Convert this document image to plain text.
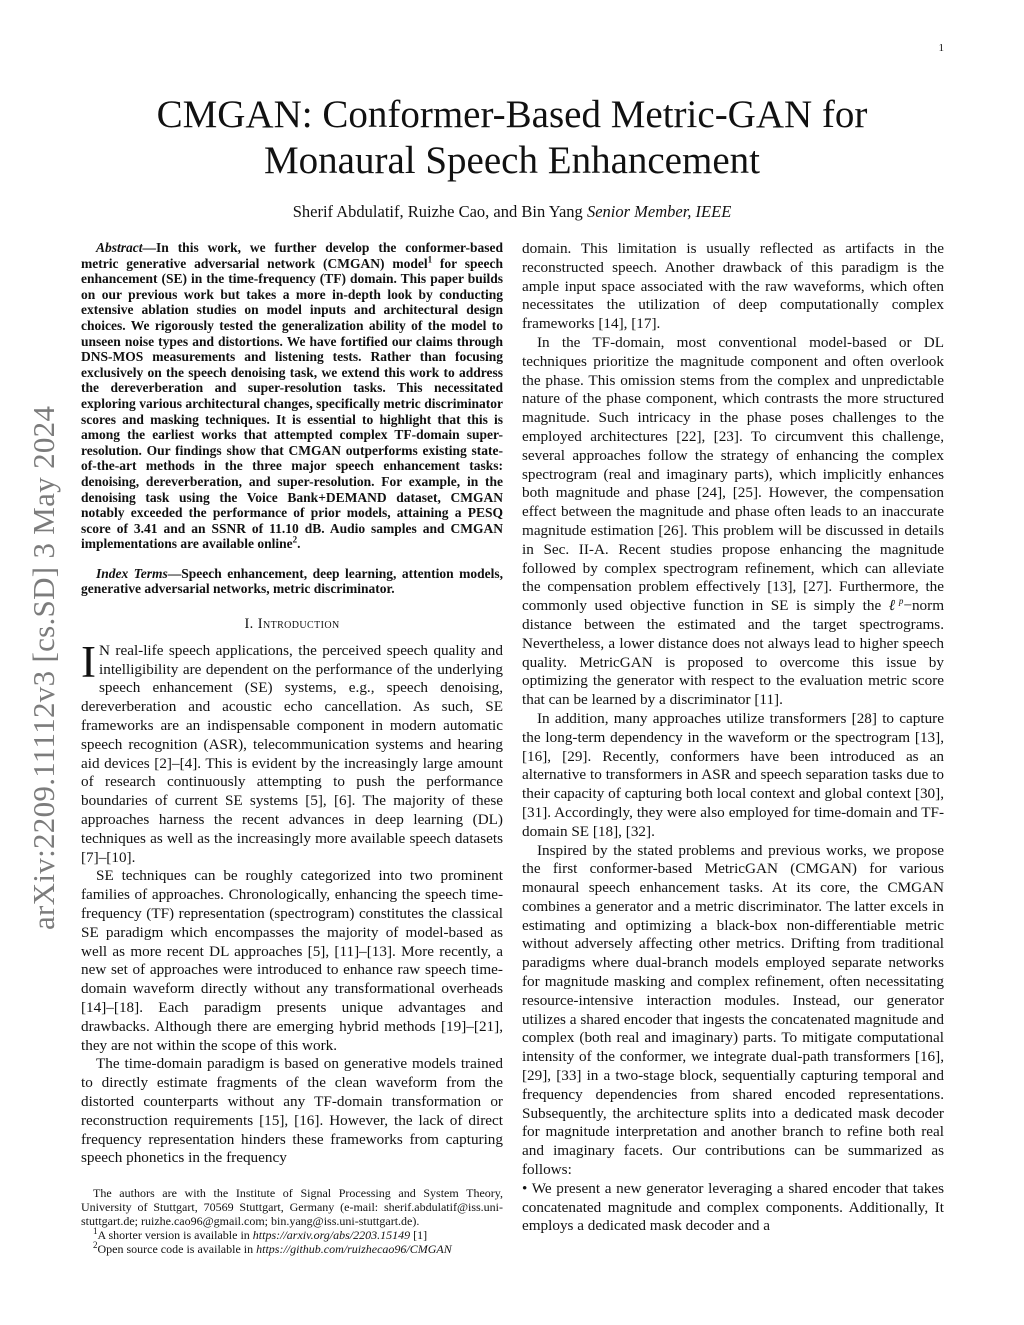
1
arXiv:2209.11112v3 [cs.SD] 3 May 2024
CMGAN: Conformer-Based Metric-GAN for
Monaural Speech Enhancement
Sherif Abdulatif, Ruizhe Cao, and Bin Yang Senior Member, IEEE

Abstract—In this work, we further develop the conformer-based metric generative adversarial network (CMGAN) model$^1$ for speech enhancement (SE) in the time-frequency (TF) domain. This paper builds on our previous work but takes a more in-depth look by conducting extensive ablation studies on model inputs and architectural design choices. We rigorously tested the generalization ability of the model to unseen noise types and distortions. We have fortified our claims through DNS-MOS measurements and listening tests. Rather than focusing exclusively on the speech denoising task, we extend this work to address the dereverberation and super-resolution tasks. This necessitated exploring various architectural changes, specifically metric discriminator scores and masking techniques. It is essential to highlight that this is among the earliest works that attempted complex TF-domain super-resolution. Our findings show that CMGAN outperforms existing state-of-the-art methods in the three major speech enhancement tasks: denoising, dereverberation, and super-resolution. For example, in the denoising task using the Voice Bank+DEMAND dataset, CMGAN notably exceeded the performance of prior models, attaining a PESQ score of 3.41 and an SSNR of 11.10 dB. Audio samples and CMGAN implementations are available online$^2$.

Index Terms—Speech enhancement, deep learning, attention models, generative adversarial networks, metric discriminator.

I. Introduction

I N real-life speech applications, the perceived speech quality and intelligibility are dependent on the performance of the underlying speech enhancement (SE) systems, e.g., speech denoising, dereverberation and acoustic echo cancellation. As such, SE frameworks are an indispensable component in modern automatic speech recognition (ASR), telecommunication systems and hearing aid devices [2]–[4]. This is evident by the increasingly large amount of research continuously attempting to push the performance boundaries of current SE systems [5], [6]. The majority of these approaches harness the recent advances in deep learning (DL) techniques as well as the increasingly more available speech datasets [7]–[10].

SE techniques can be roughly categorized into two prominent families of approaches. Chronologically, enhancing the speech time-frequency (TF) representation (spectrogram) constitutes the classical SE paradigm which encompasses the majority of model-based as well as more recent DL approaches [5], [11]–[13]. More recently, a new set of approaches were introduced to enhance raw speech time-domain waveform directly without any transformational overheads [14]–[18]. Each paradigm presents unique advantages and drawbacks. Although there are emerging hybrid methods [19]–[21], they are not within the scope of this work.

The time-domain paradigm is based on generative models trained to directly estimate fragments of the clean waveform from the distorted counterparts without any TF-domain transformation or reconstruction requirements [15], [16]. However, the lack of direct frequency representation hinders these frameworks from capturing speech phonetics in the frequency

The authors are with the Institute of Signal Processing and System Theory, University of Stuttgart, 70569 Stuttgart, Germany (e-mail: sherif.abdulatif@iss.uni-stuttgart.de; ruizhe.cao96@gmail.com; bin.yang@iss.uni-stuttgart.de).

$^1$A shorter version is available in https://arxiv.org/abs/2203.15149 [1]

$^2$Open source code is available in https://github.com/ruizhecao96/CMGAN

domain. This limitation is usually reflected as artifacts in the reconstructed speech. Another drawback of this paradigm is the ample input space associated with the raw waveforms, which often necessitates the utilization of deep computationally complex frameworks [14], [17].

In the TF-domain, most conventional model-based or DL techniques prioritize the magnitude component and often overlook the phase. This omission stems from the complex and unpredictable nature of the phase component, which contrasts the more structured magnitude. Such intricacy in the phase poses challenges to the employed architectures [22], [23]. To circumvent this challenge, several approaches follow the strategy of enhancing the complex spectrogram (real and imaginary parts), which implicitly enhances both magnitude and phase [24], [25]. However, the compensation effect between the magnitude and phase often leads to an inaccurate magnitude estimation [26]. This problem will be discussed in details in Sec. II-A. Recent studies propose enhancing the magnitude followed by complex spectrogram refinement, which can alleviate the compensation problem effectively [13], [27]. Furthermore, the commonly used objective function in SE is simply the ℓ$^p$−norm distance between the estimated and the target spectrograms. Nevertheless, a lower distance does not always lead to higher speech quality. MetricGAN is proposed to overcome this issue by optimizing the generator with respect to the evaluation metric score that can be learned by a discriminator [11].

In addition, many approaches utilize transformers [28] to capture the long-term dependency in the waveform or the spectrogram [13], [16], [29]. Recently, conformers have been introduced as an alternative to transformers in ASR and speech separation tasks due to their capacity of capturing both local context and global context [30], [31]. Accordingly, they were also employed for time-domain and TF-domain SE [18], [32].

Inspired by the stated problems and previous works, we propose the first conformer-based MetricGAN (CMGAN) for various monaural speech enhancement tasks. At its core, the CMGAN combines a generator and a metric discriminator. The latter excels in estimating and optimizing a black-box non-differentiable metric without adversely affecting other metrics. Drifting from traditional paradigms where dual-branch models employed separate networks for magnitude masking and complex refinement, often necessitating resource-intensive interaction modules. Instead, our generator utilizes a shared encoder that ingests the concatenated magnitude and complex (both real and imaginary) parts. To mitigate computational intensity of the conformer, we integrate dual-path transformers [16], [29], [33] in a two-stage block, sequentially capturing temporal and frequency dependencies from shared encoded representations. Subsequently, the architecture splits into a dedicated mask decoder for magnitude interpretation and another branch to refine both real and imaginary facets. Our contributions can be summarized as follows:

• We present a new generator leveraging a shared encoder that takes concatenated magnitude and complex components. Additionally, It employs a dedicated mask decoder and a
